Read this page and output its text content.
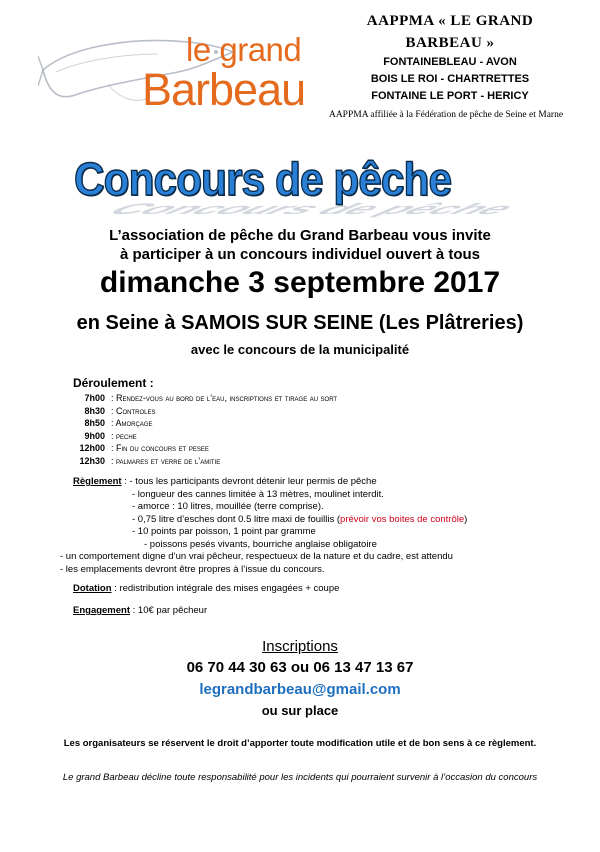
le grand
Barbeau
AAPPMA « LE GRAND
BARBEAU »
FONTAINEBLEAU - AVON
BOIS LE ROI - CHARTRETTES
FONTAINE LE PORT - HERICY
AAPPMA affiliée à la Fédération de pêche de Seine et Marne
Concours de pêche
Concours de pêche
L’association de pêche du Grand Barbeau vous invite
à participer à un concours individuel ouvert à tous
dimanche 3 septembre 2017
en Seine à SAMOIS SUR SEINE (Les Plâtreries)
avec le concours de la municipalité
Déroulement :
7h00 : Rendez-vous au bord de l’eau, inscriptions et tirage au sort
8h30 : Controles
8h50 : Amorçage
9h00 : peche
12h00 : Fin du concours et pesee
12h30 : palmares et verre de l’amitie
Règlement : - tous les participants devront détenir leur permis de pêche
- longueur des cannes limitée à 13 mètres, moulinet interdit.
- amorce : 10 litres, mouillée (terre comprise).
- 0,75 litre d’esches dont 0.5 litre maxi de fouillis (prévoir vos boites de contrôle)
- 10 points par poisson, 1 point par gramme
- poissons pesés vivants, bourriche anglaise obligatoire
- un comportement digne d’un vrai pêcheur, respectueux de la nature et du cadre, est attendu
- les emplacements devront être propres à l’issue du concours.
Dotation : redistribution intégrale des mises engagées + coupe
Engagement : 10€ par pêcheur
Inscriptions
06 70 44 30 63 ou 06 13 47 13 67
legrandbarbeau@gmail.com
ou sur place
Les organisateurs se réservent le droit d’apporter toute modification utile et de bon sens à ce règlement.
Le grand Barbeau décline toute responsabilité pour les incidents qui pourraient survenir à l’occasion du concours
